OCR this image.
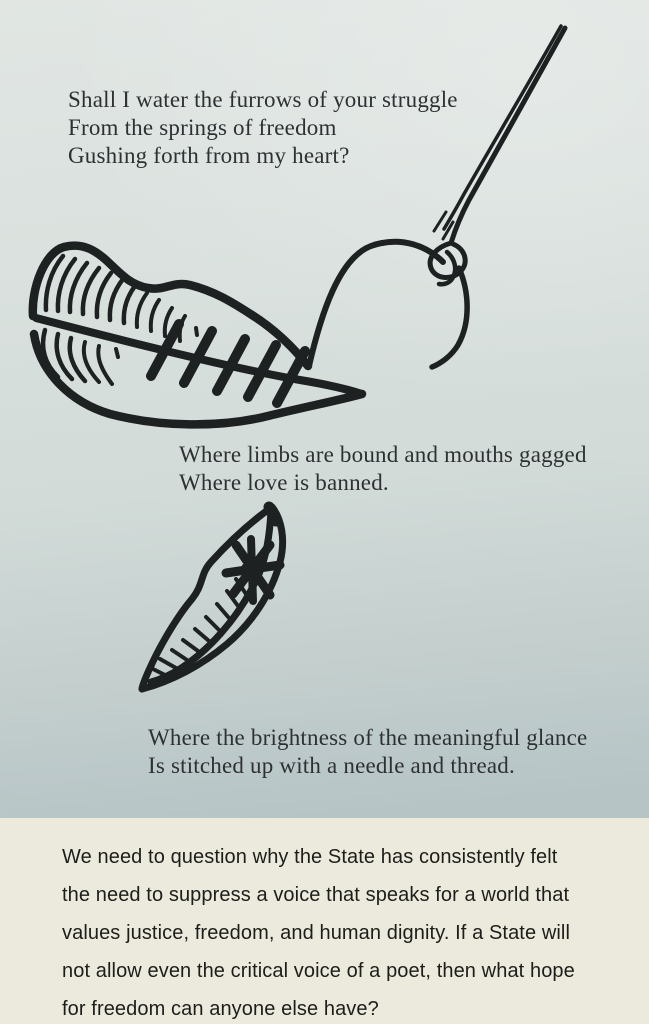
Shall I water the furrows of your struggle
From the springs of freedom
Gushing forth from my heart?
Where limbs are bound and mouths gagged
Where love is banned.
Where the brightness of the meaningful glance
Is stitched up with a needle and thread.
We need to question why the State has consistently felt
the need to suppress a voice that speaks for a world that
values justice, freedom, and human dignity. If a State will
not allow even the critical voice of a poet, then what hope
for freedom can anyone else have?
